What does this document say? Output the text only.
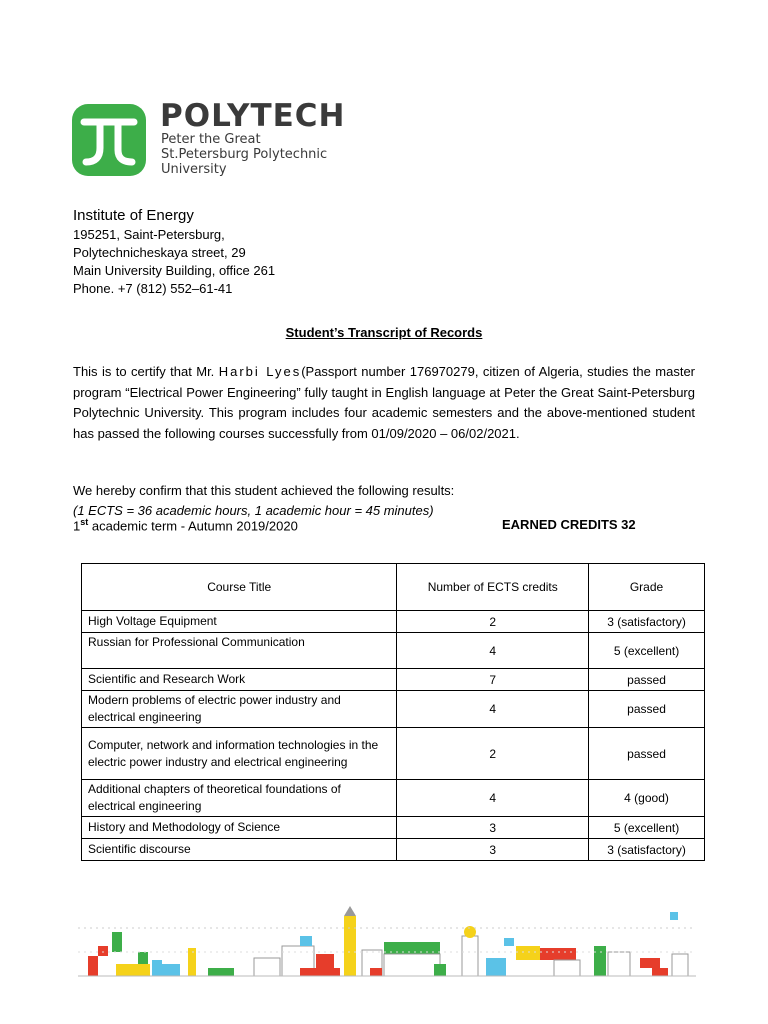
POLYTECH
Peter the Great
St.Petersburg Polytechnic
University
Institute of Energy
195251, Saint-Petersburg,
Polytechnicheskaya street, 29
Main University Building, office 261
Phone. +7 (812) 552–61-41
Student’s Transcript of Records
This is to certify that Mr. Harbi Lyes(Passport number 176970279, citizen of Algeria, studies the master program “Electrical Power Engineering” fully taught in English language at Peter the Great Saint-Petersburg Polytechnic University. This program includes four academic semesters and the above-mentioned student has passed the following courses successfully from 01/09/2020 – 06/02/2021.
We hereby confirm that this student achieved the following results:
(1 ECTS = 36 academic hours, 1 academic hour = 45 minutes)
1st academic term - Autumn 2019/2020	EARNED CREDITS 32
Course Title	Number of ECTS credits	Grade
High Voltage Equipment	2	3 (satisfactory)
Russian for Professional Communication	4	5 (excellent)
Scientific and Research Work	7	passed
Modern problems of electric power industry and electrical engineering	4	passed
Computer, network and information technologies in the electric power industry and electrical engineering	2	passed
Additional chapters of theoretical foundations of electrical engineering	4	4 (good)
History and Methodology of Science	3	5 (excellent)
Scientific discourse	3	3 (satisfactory)
